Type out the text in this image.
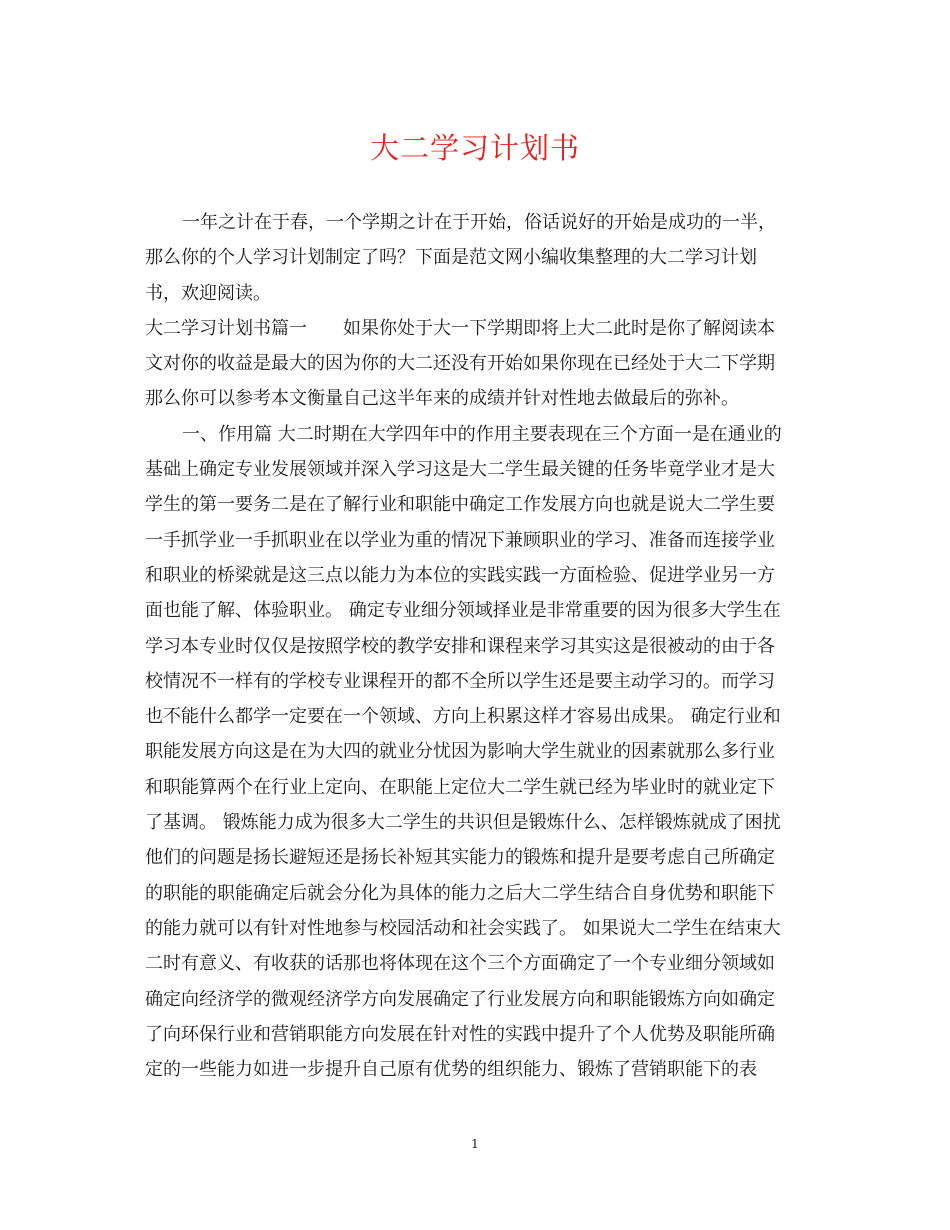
大二学习计划书
一年之计在于春，一个学期之计在于开始，俗话说好的开始是成功的一半，
那么你的个人学习计划制定了吗？下面是范文网小编收集整理的大二学习计划
书，欢迎阅读。
大二学习计划书篇一 如果你处于大一下学期即将上大二此时是你了解阅读本
文对你的收益是最大的因为你的大二还没有开始如果你现在已经处于大二下学期
那么你可以参考本文衡量自己这半年来的成绩并针对性地去做最后的弥补。
一、作用篇 大二时期在大学四年中的作用主要表现在三个方面一是在通业的
基础上确定专业发展领域并深入学习这是大二学生最关键的任务毕竟学业才是大
学生的第一要务二是在了解行业和职能中确定工作发展方向也就是说大二学生要
一手抓学业一手抓职业在以学业为重的情况下兼顾职业的学习、准备而连接学业
和职业的桥梁就是这三点以能力为本位的实践实践一方面检验、促进学业另一方
面也能了解、体验职业。 确定专业细分领域择业是非常重要的因为很多大学生在
学习本专业时仅仅是按照学校的教学安排和课程来学习其实这是很被动的由于各
校情况不一样有的学校专业课程开的都不全所以学生还是要主动学习的。而学习
也不能什么都学一定要在一个领域、方向上积累这样才容易出成果。 确定行业和
职能发展方向这是在为大四的就业分忧因为影响大学生就业的因素就那么多行业
和职能算两个在行业上定向、在职能上定位大二学生就已经为毕业时的就业定下
了基调。 锻炼能力成为很多大二学生的共识但是锻炼什么、怎样锻炼就成了困扰
他们的问题是扬长避短还是扬长补短其实能力的锻炼和提升是要考虑自己所确定
的职能的职能确定后就会分化为具体的能力之后大二学生结合自身优势和职能下
的能力就可以有针对性地参与校园活动和社会实践了。 如果说大二学生在结束大
二时有意义、有收获的话那也将体现在这个三个方面确定了一个专业细分领域如
确定向经济学的微观经济学方向发展确定了行业发展方向和职能锻炼方向如确定
了向环保行业和营销职能方向发展在针对性的实践中提升了个人优势及职能所确
定的一些能力如进一步提升自己原有优势的组织能力、锻炼了营销职能下的表
1
